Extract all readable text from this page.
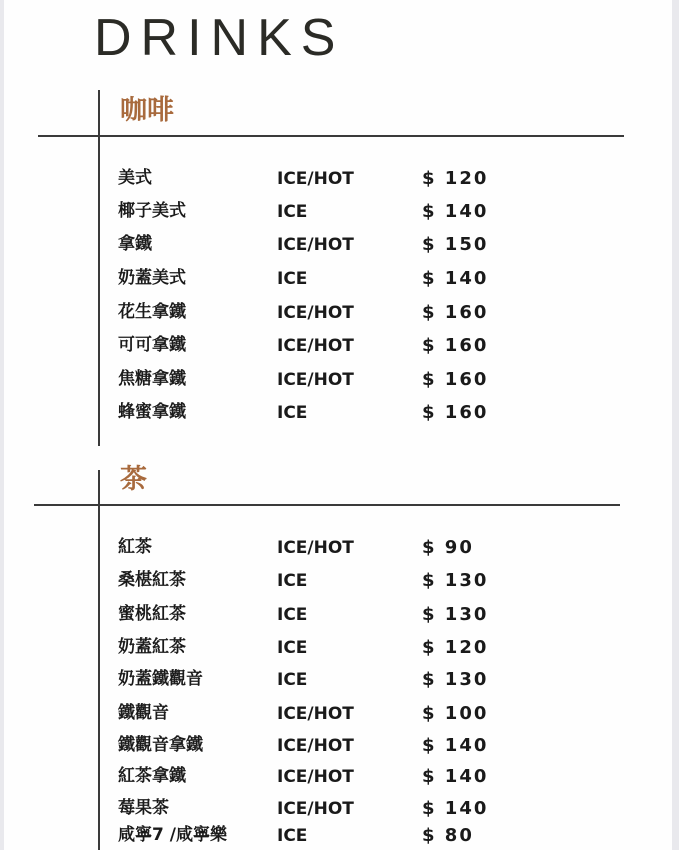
DRINKS
咖啡
美式	ICE/HOT	$ 120
椰子美式	ICE	$ 140
拿鐵	ICE/HOT	$ 150
奶蓋美式	ICE	$ 140
花生拿鐵	ICE/HOT	$ 160
可可拿鐵	ICE/HOT	$ 160
焦糖拿鐵	ICE/HOT	$ 160
蜂蜜拿鐵	ICE	$ 160
茶
紅茶	ICE/HOT	$ 90
桑椹紅茶	ICE	$ 130
蜜桃紅茶	ICE	$ 130
奶蓋紅茶	ICE	$ 120
奶蓋鐵觀音	ICE	$ 130
鐵觀音	ICE/HOT	$ 100
鐵觀音拿鐵	ICE/HOT	$ 140
紅茶拿鐵	ICE/HOT	$ 140
莓果茶	ICE/HOT	$ 140
咸寧7 /咸寧樂	ICE	$ 80
